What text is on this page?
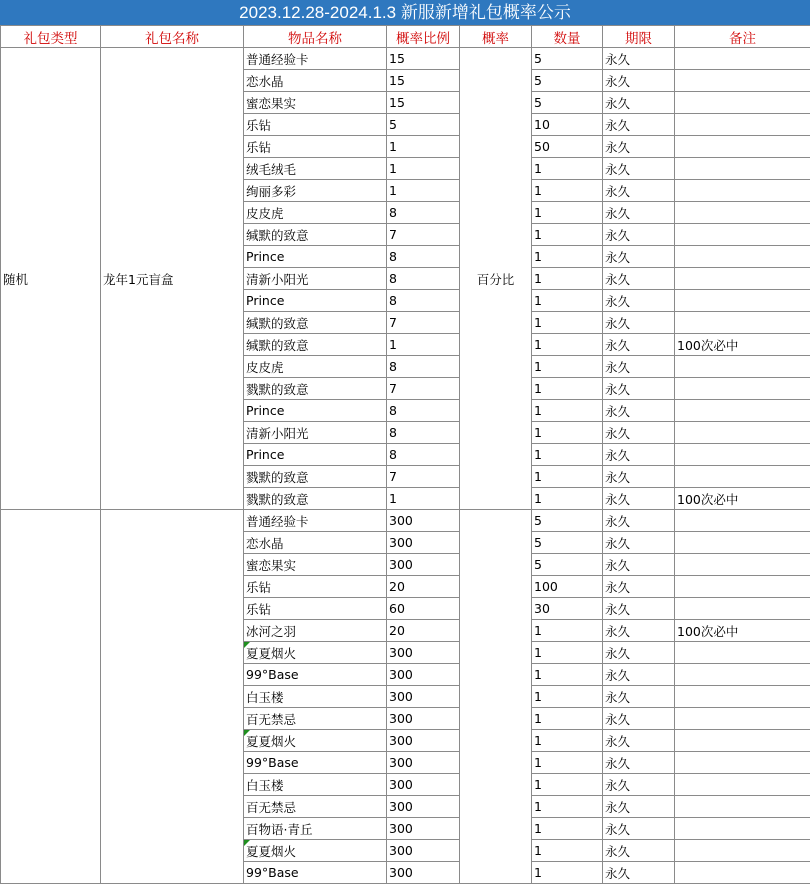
2023.12.28-2024.1.3 新服新增礼包概率公示
礼包类型	礼包名称	物品名称	概率比例	概率	数量	期限	备注
随机	龙年1元盲盒	普通经验卡	15	百分比	5	永久	
		恋水晶	15		5	永久	
		蜜恋果实	15		5	永久	
		乐钻	5		10	永久	
		乐钻	1		50	永久	
		绒毛绒毛	1		1	永久	
		绚丽多彩	1		1	永久	
		皮皮虎	8		1	永久	
		缄默的致意	7		1	永久	
		Prince	8		1	永久	
		清新小阳光	8		1	永久	
		Prince	8		1	永久	
		缄默的致意	7		1	永久	
		缄默的致意	1		1	永久	100次必中
		皮皮虎	8		1	永久	
		戮默的致意	7		1	永久	
		Prince	8		1	永久	
		清新小阳光	8		1	永久	
		Prince	8		1	永久	
		戮默的致意	7		1	永久	
		戮默的致意	1		1	永久	100次必中
		普通经验卡	300		5	永久	
		恋水晶	300		5	永久	
		蜜恋果实	300		5	永久	
		乐钻	20		100	永久	
		乐钻	60		30	永久	
		冰河之羽	20		1	永久	100次必中
		夏夏烟火	300		1	永久	
		99°Base	300		1	永久	
		白玉楼	300		1	永久	
		百无禁忌	300		1	永久	
		夏夏烟火	300		1	永久	
		99°Base	300		1	永久	
		白玉楼	300		1	永久	
		百无禁忌	300		1	永久	
		百物语·青丘	300		1	永久	
		夏夏烟火	300		1	永久	
		99°Base	300		1	永久	
